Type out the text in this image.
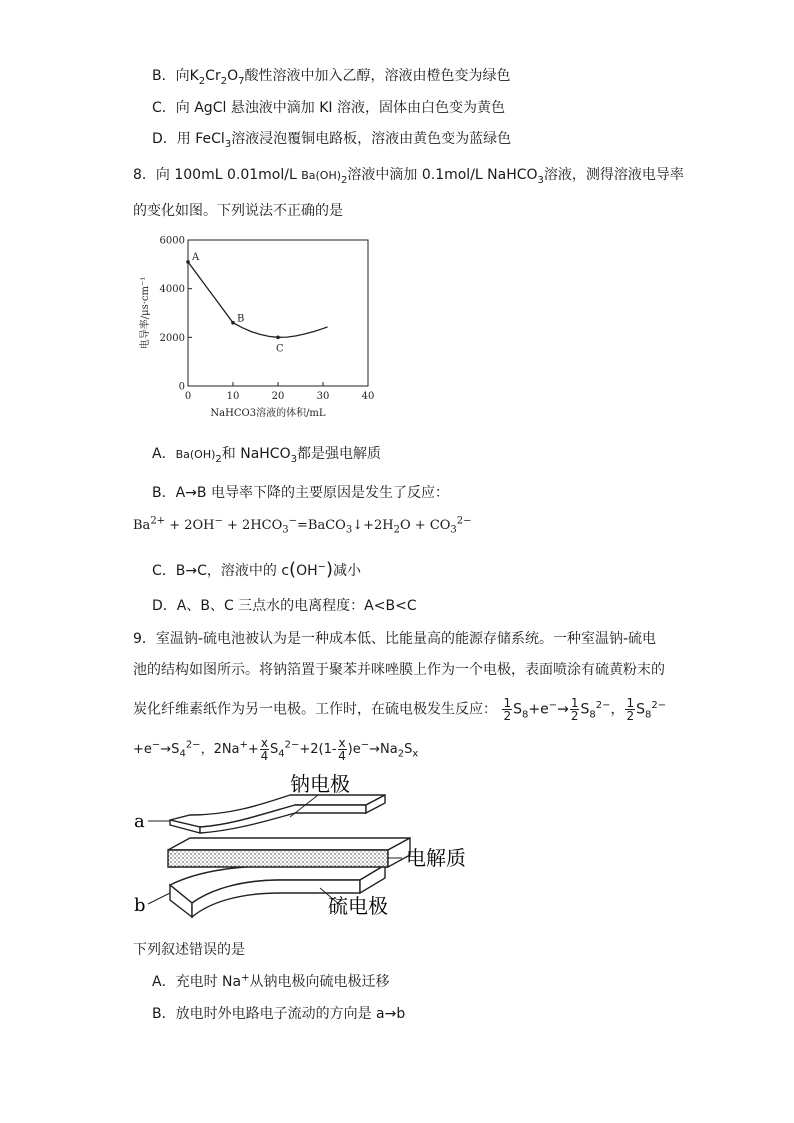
B．向$K_2Cr_2O_7$酸性溶液中加入乙醇，溶液由橙色变为绿色
C．向 AgCl 悬浊液中滴加 KI 溶液，固体由白色变为黄色
D．用 FeCl$_3$溶液浸泡覆铜电路板，溶液由黄色变为蓝绿色
8．向 100mL 0.01mol/L $Ba(OH)_2$溶液中滴加 0.1mol/L NaHCO$_3$溶液，测得溶液电导率
的变化如图。下列说法不正确的是
0	10	20	30	40
0
2000
4000
6000
NaHCO3溶液的体积/mL
电导率/μs·cm⁻¹
A
B
C
A．$Ba(OH)_2$和 NaHCO$_3$都是强电解质
B．A→B 电导率下降的主要原因是发生了反应：
$Ba^{2+} + 2OH^-$ + $2HCO_3^-=BaCO_3↓+2H_2O + CO_3^{2-}$
C．B→C，溶液中的 c(OH−)减小
D．A、B、C 三点水的电离程度：A<B<C
9．室温钠-硫电池被认为是一种成本低、比能量高的能源存储系统。一种室温钠-硫电
池的结构如图所示。将钠箔置于聚苯并咪唑膜上作为一个电极，表面喷涂有硫黄粉末的
炭化纤维素纸作为另一电极。工作时，在硫电极发生反应： $\frac{1}{2} S_8+e^-\to \frac{1}{2} S_8^{2-}$， $\frac{1}{2} S_8^{2-}$
$+e^-\to S_4^{2-}$，$2Na^++ \frac{x}{4} S_4^{2-}+2(1- \frac{x}{4} )e^-\to Na_2S_x$
钠电极
电解质
硫电极
a
b
下列叙述错误的是
A．充电时 Na+从钠电极向硫电极迁移
B．放电时外电路电子流动的方向是 a→b
